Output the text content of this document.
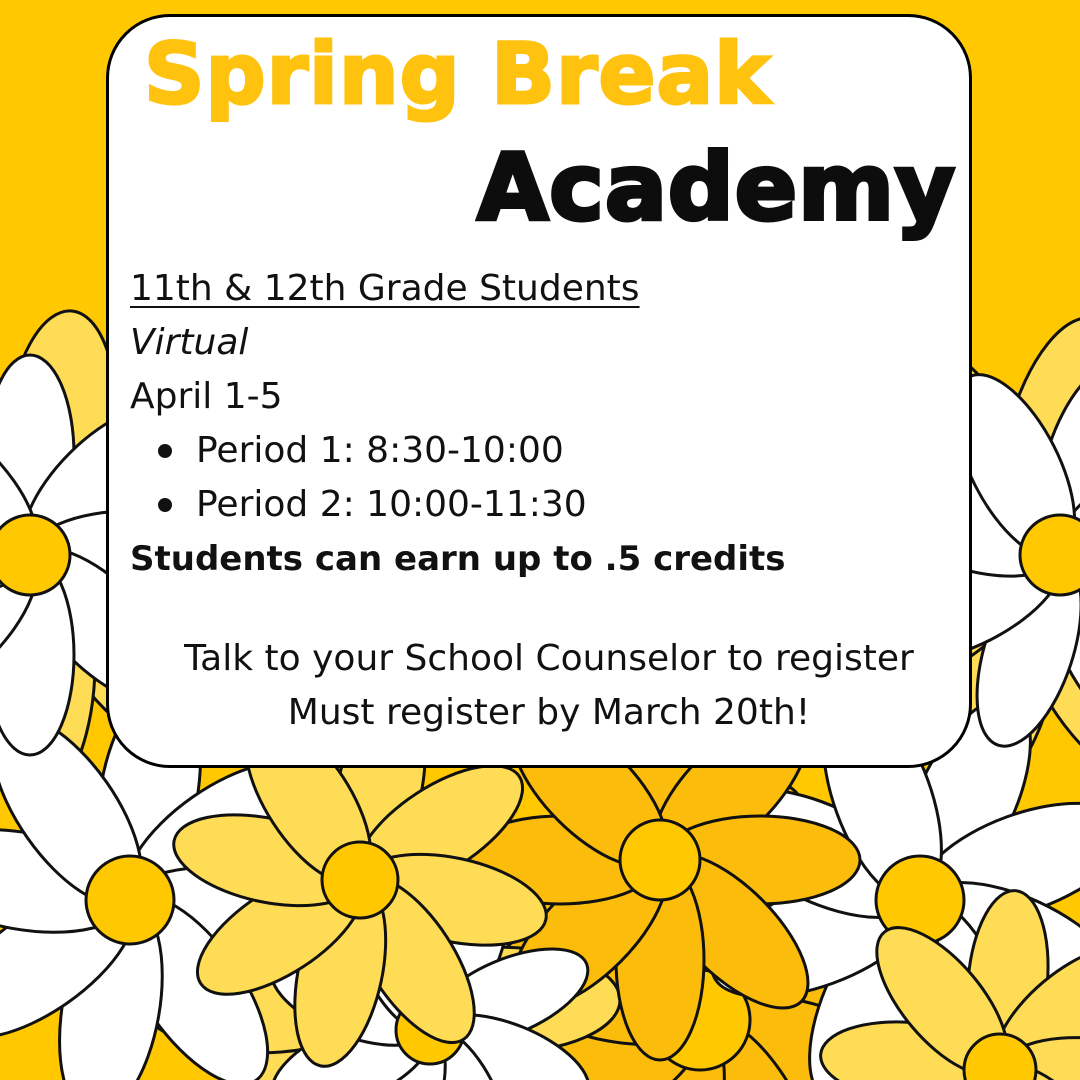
Spring Break
Academy
11th & 12th Grade Students
Virtual
April 1-5
Period 1: 8:30-10:00
Period 2: 10:00-11:30
Students can earn up to .5 credits
Talk to your School Counselor to register
Must register by March 20th!
